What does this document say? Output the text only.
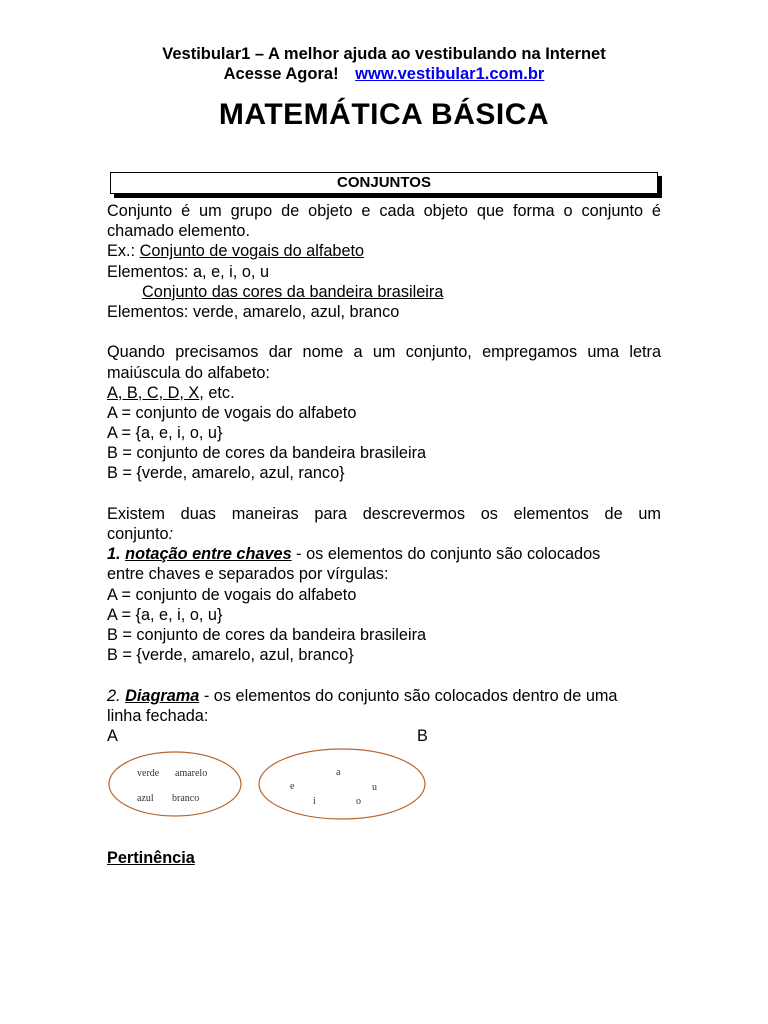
Vestibular1 – A melhor ajuda ao vestibulando na Internet
Acesse Agora! www.vestibular1.com.br
MATEMÁTICA BÁSICA
CONJUNTOS
Conjunto é um grupo de objeto e cada objeto que forma o conjunto é
chamado elemento.
Ex.: Conjunto de vogais do alfabeto
Elementos: a, e, i, o, u
Conjunto das cores da bandeira brasileira
Elementos: verde, amarelo, azul, branco
Quando precisamos dar nome a um conjunto, empregamos uma letra
maiúscula do alfabeto:
A, B, C, D, X, etc.
A = conjunto de vogais do alfabeto
A = {a, e, i, o, u}
B = conjunto de cores da bandeira brasileira
B = {verde, amarelo, azul, ranco}
Existem duas maneiras para descrevermos os elementos de um
conjunto:
1. notação entre chaves - os elementos do conjunto são colocados
entre chaves e separados por vírgulas:
A = conjunto de vogais do alfabeto
A = {a, e, i, o, u}
B = conjunto de cores da bandeira brasileira
B = {verde, amarelo, azul, branco}
2. Diagrama - os elementos do conjunto são colocados dentro de uma
linha fechada:
A	B
verde amarelo
azul branco
a
e	u
i	o
Pertinência
